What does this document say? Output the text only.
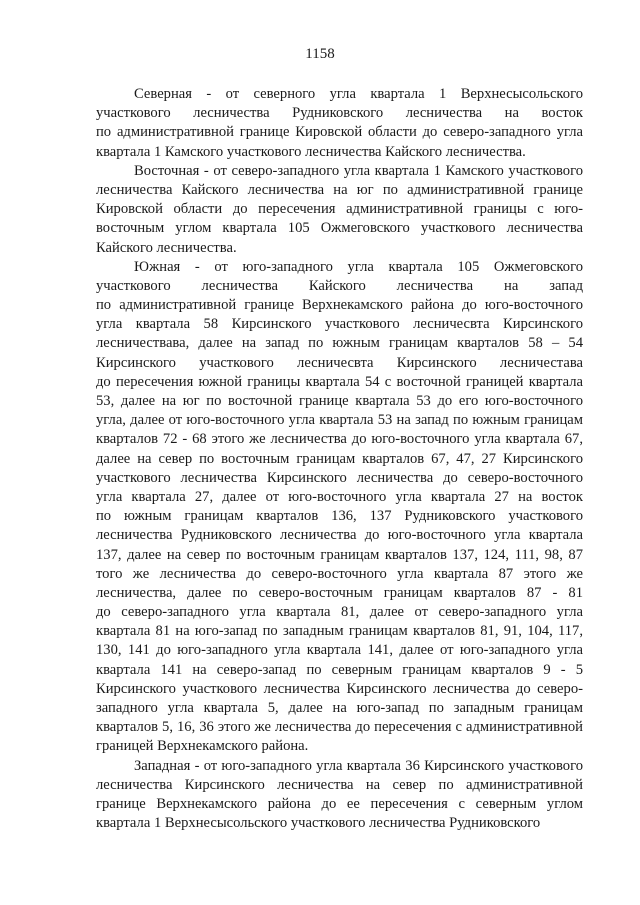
1158
Северная - от северного угла квартала 1 Верхнесысольского
участкового лесничества Рудниковского лесничества на восток
по административной границе Кировской области до северо-западного угла
квартала 1 Камского участкового лесничества Кайского лесничества.
Восточная - от северо-западного угла квартала 1 Камского участкового
лесничества Кайского лесничества на юг по административной границе
Кировской области до пересечения административной границы с юго-
восточным углом квартала 105 Ожмеговского участкового лесничества
Кайского лесничества.
Южная - от юго-западного угла квартала 105 Ожмеговского
участкового лесничества Кайского лесничества на запад
по административной границе Верхнекамского района до юго-восточного
угла квартала 58 Кирсинского участкового лесничесвта Кирсинского
лесничествава, далее на запад по южным границам кварталов 58 – 54
Кирсинского участкового лесничесвта Кирсинского лесничестава
до пересечения южной границы квартала 54 с восточной границей квартала
53, далее на юг по восточной границе квартала 53 до его юго-восточного
угла, далее от юго-восточного угла квартала 53 на запад по южным границам
кварталов 72 - 68 этого же лесничества до юго-восточного угла квартала 67,
далее на север по восточным границам кварталов 67, 47, 27 Кирсинского
участкового лесничества Кирсинского лесничества до северо-восточного
угла квартала 27, далее от юго-восточного угла квартала 27 на восток
по южным границам кварталов 136, 137 Рудниковского участкового
лесничества Рудниковского лесничества до юго-восточного угла квартала
137, далее на север по восточным границам кварталов 137, 124, 111, 98, 87
того же лесничества до северо-восточного угла квартала 87 этого же
лесничества, далее по северо-восточным границам кварталов 87 - 81
до северо-западного угла квартала 81, далее от северо-западного угла
квартала 81 на юго-запад по западным границам кварталов 81, 91, 104, 117,
130, 141 до юго-западного угла квартала 141, далее от юго-западного угла
квартала 141 на северо-запад по северным границам кварталов 9 - 5
Кирсинского участкового лесничества Кирсинского лесничества до северо-
западного угла квартала 5, далее на юго-запад по западным границам
кварталов 5, 16, 36 этого же лесничества до пересечения с административной
границей Верхнекамского района.
Западная - от юго-западного угла квартала 36 Кирсинского участкового
лесничества Кирсинского лесничества на север по административной
границе Верхнекамского района до ее пересечения с северным углом
квартала 1 Верхнесысольского участкового лесничества Рудниковского
